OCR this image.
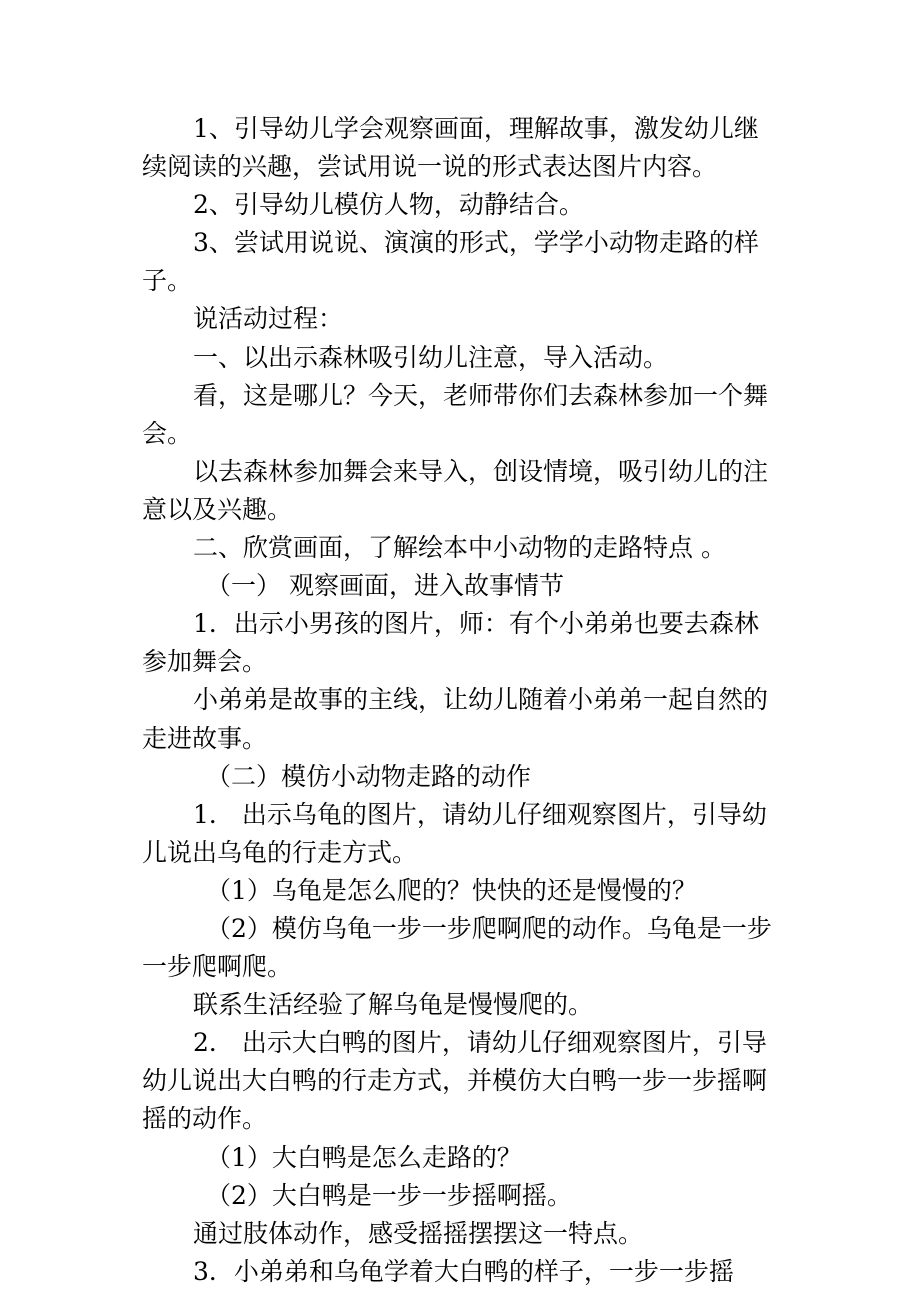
1、引导幼儿学会观察画面，理解故事，激发幼儿继续阅读的兴趣，尝试用说一说的形式表达图片内容。

2、引导幼儿模仿人物，动静结合。

3、尝试用说说、演演的形式，学学小动物走路的样子。

说活动过程：

一、以出示森林吸引幼儿注意，导入活动。

看，这是哪儿？今天，老师带你们去森林参加一个舞会。

以去森林参加舞会来导入，创设情境，吸引幼儿的注意以及兴趣。

二、欣赏画面，了解绘本中小动物的走路特点 。

（一） 观察画面，进入故事情节

1．出示小男孩的图片，师：有个小弟弟也要去森林参加舞会。

小弟弟是故事的主线，让幼儿随着小弟弟一起自然的走进故事。

（二）模仿小动物走路的动作

1． 出示乌龟的图片，请幼儿仔细观察图片，引导幼儿说出乌龟的行走方式。

（1）乌龟是怎么爬的？快快的还是慢慢的？

（2）模仿乌龟一步一步爬啊爬的动作。乌龟是一步一步爬啊爬。

联系生活经验了解乌龟是慢慢爬的。

2． 出示大白鸭的图片，请幼儿仔细观察图片，引导幼儿说出大白鸭的行走方式，并模仿大白鸭一步一步摇啊摇的动作。

（1）大白鸭是怎么走路的？

（2）大白鸭是一步一步摇啊摇。

通过肢体动作，感受摇摇摆摆这一特点。

3．小弟弟和乌龟学着大白鸭的样子，一步一步摇
